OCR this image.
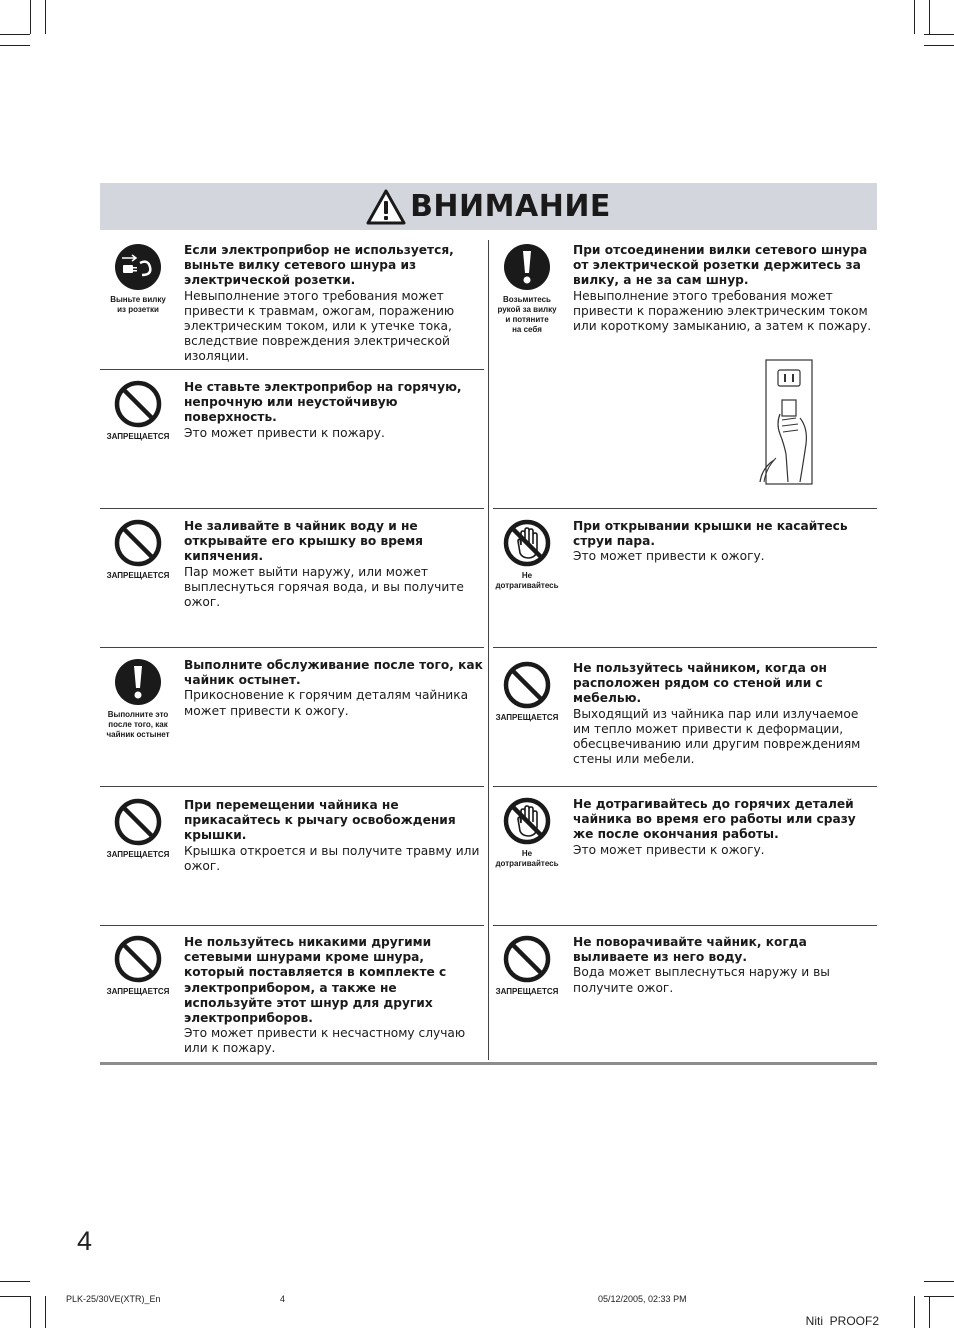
ВНИМАНИЕ
Выньте вилку
из розетки
Если электроприбор не используется,
выньте вилку сетевого шнура из
электрической розетки.
Невыполнение этого требования может
привести к травмам, ожогам, поражению
электрическим током, или к утечке тока,
вследствие повреждения электрической
изоляции.
Возьмитесь
рукой за вилку
и потяните
на себя
При отсоединении вилки сетевого шнура
от электрической розетки держитесь за
вилку, а не за сам шнур.
Невыполнение этого требования может
привести к поражению электрическим током
или короткому замыканию, а затем к пожару.
ЗАПРЕЩАЕТСЯ
Не ставьте электроприбор на горячую,
непрочную или неустойчивую
поверхность.
Это может привести к пожару.
ЗАПРЕЩАЕТСЯ
Не заливайте в чайник воду и не
открывайте его крышку во время
кипячения.
Пар может выйти наружу, или может
выплеснуться горячая вода, и вы получите
ожог.
Не
дотрагивайтесь
При открывании крышки не касайтесь
струи пара.
Это может привести к ожогу.
Выполните это
после того, как
чайник остынет
Выполните обслуживание после того, как
чайник остынет.
Прикосновение к горячим деталям чайника
может привести к ожогу.	ЗАПРЕЩАЕТСЯ
Не пользуйтесь чайником, когда он
расположен рядом со стеной или с
мебелью.
Выходящий из чайника пар или излучаемое
им тепло может привести к деформации,
обесцвечиванию или другим повреждениям
стены или мебели.
ЗАПРЕЩАЕТСЯ
При перемещении чайника не
прикасайтесь к рычагу освобождения
крышки.
Крышка откроется и вы получите травму или
ожог.
Не
дотрагивайтесь
Не дотрагивайтесь до горячих деталей
чайника во время его работы или сразу
же после окончания работы.
Это может привести к ожогу.
ЗАПРЕЩАЕТСЯ
Не пользуйтесь никакими другими
сетевыми шнурами кроме шнура,
который поставляется в комплекте с
электроприбором, а также не
используйте этот шнур для других
электроприборов.
Это может привести к несчастному случаю
или к пожару.
ЗАПРЕЩАЕТСЯ
Не поворачивайте чайник, когда
выливаете из него воду.
Вода может выплеснуться наружу и вы
получите ожог.
4
PLK-25/30VE(XTR)_En	4	05/12/2005, 02:33 PM
Niti  PROOF2
